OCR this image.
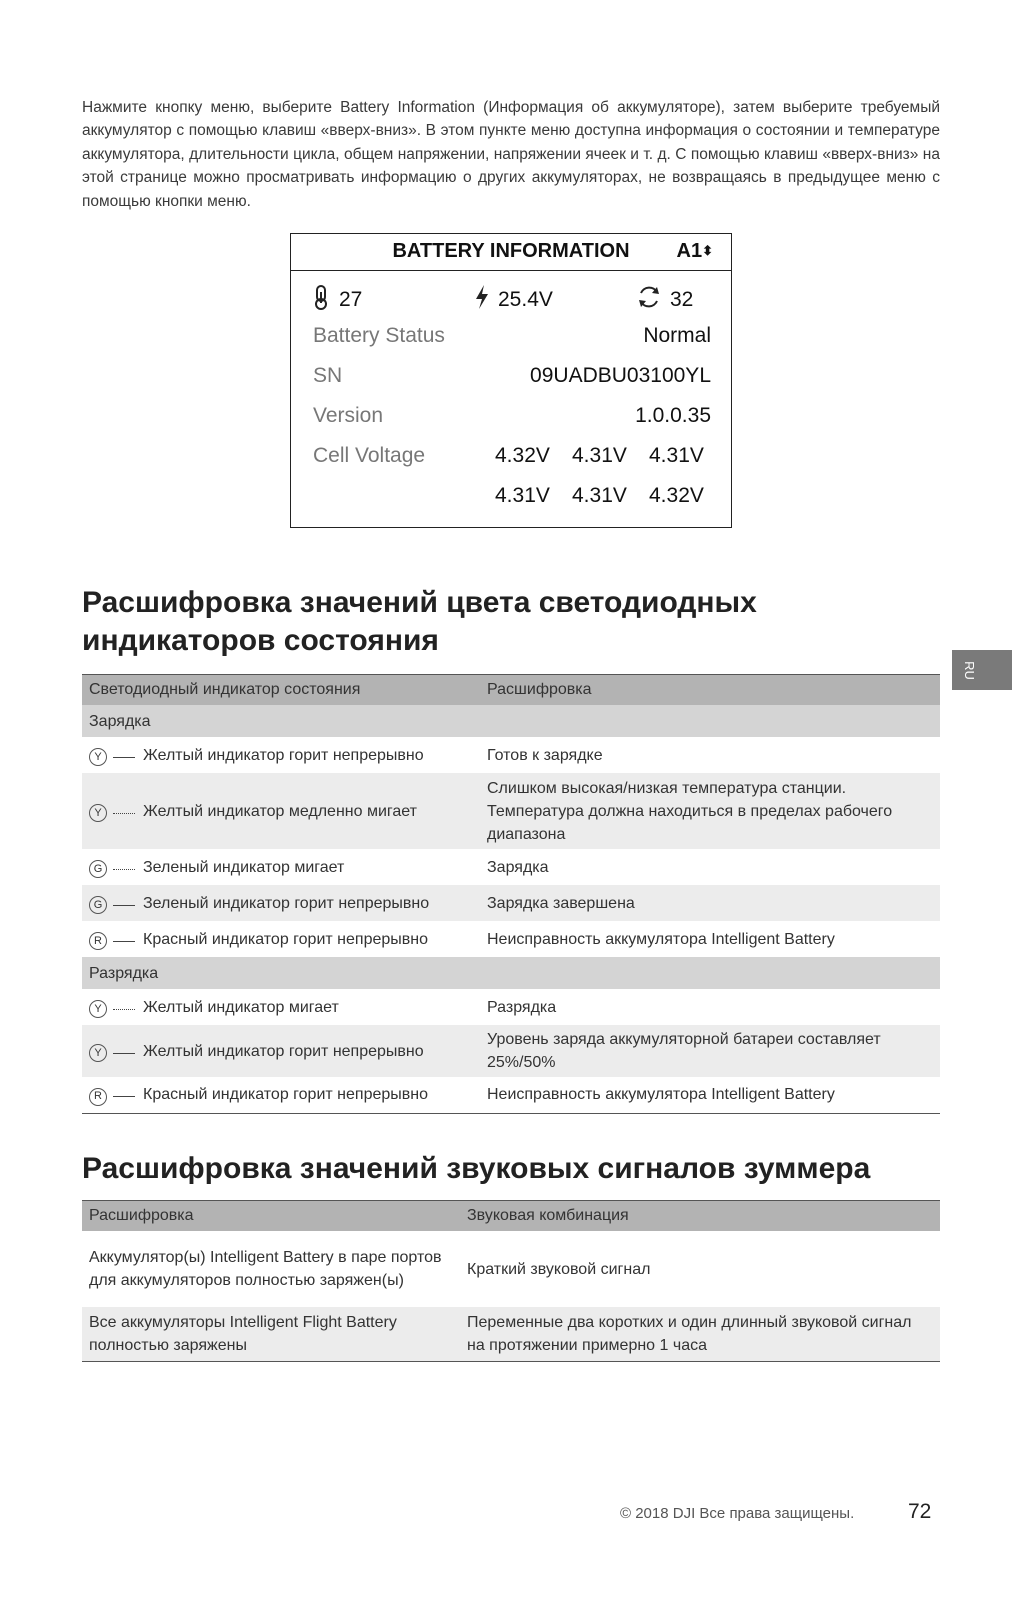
Нажмите кнопку меню, выберите Battery Information (Информация об аккумуляторе), затем выберите требуемый аккумулятор с помощью клавиш «вверх-вниз». В этом пункте меню доступна информация о состоянии и температуре аккумулятора, длительности цикла, общем напряжении, напряжении ячеек и т. д. С помощью клавиш «вверх-вниз» на этой странице можно просматривать информацию о других аккумуляторах, не возвращаясь в предыдущее меню с помощью кнопки меню.

BATTERY INFORMATION	A1⬍
27	25.4V	32
Battery Status	Normal
SN	09UADBU03100YL
Version	1.0.0.35
Cell Voltage	4.32V 4.31V 4.31V
4.31V 4.31V 4.32V
Расшифровка значений цвета светодиодных
индикаторов состояния
Светодиодный индикатор состояния	Расшифровка
Зарядка	

Y Желтый индикатор горит непрерывно	Готов к зарядке

Y Желтый индикатор медленно мигает	Слишком высокая/низкая температура станции. Температура должна находиться в пределах рабочего диапазона

G Зеленый индикатор мигает	Зарядка

G Зеленый индикатор горит непрерывно	Зарядка завершена

R Красный индикатор горит непрерывно	Неисправность аккумулятора Intelligent Battery
Разрядка	

Y Желтый индикатор мигает	Разрядка

Y Желтый индикатор горит непрерывно	Уровень заряда аккумуляторной батареи составляет 25%/50%

R Красный индикатор горит непрерывно	Неисправность аккумулятора Intelligent Battery
Расшифровка значений звуковых сигналов зуммера
Расшифровка	Звуковая комбинация
Аккумулятор(ы) Intelligent Battery в паре портов для аккумуляторов полностью заряжен(ы)	Краткий звуковой сигнал
Все аккумуляторы Intelligent Flight Battery полностью заряжены	Переменные два коротких и один длинный звуковой сигнал на протяжении примерно 1 часа
RU
© 2018 DJI Все права защищены.	72
